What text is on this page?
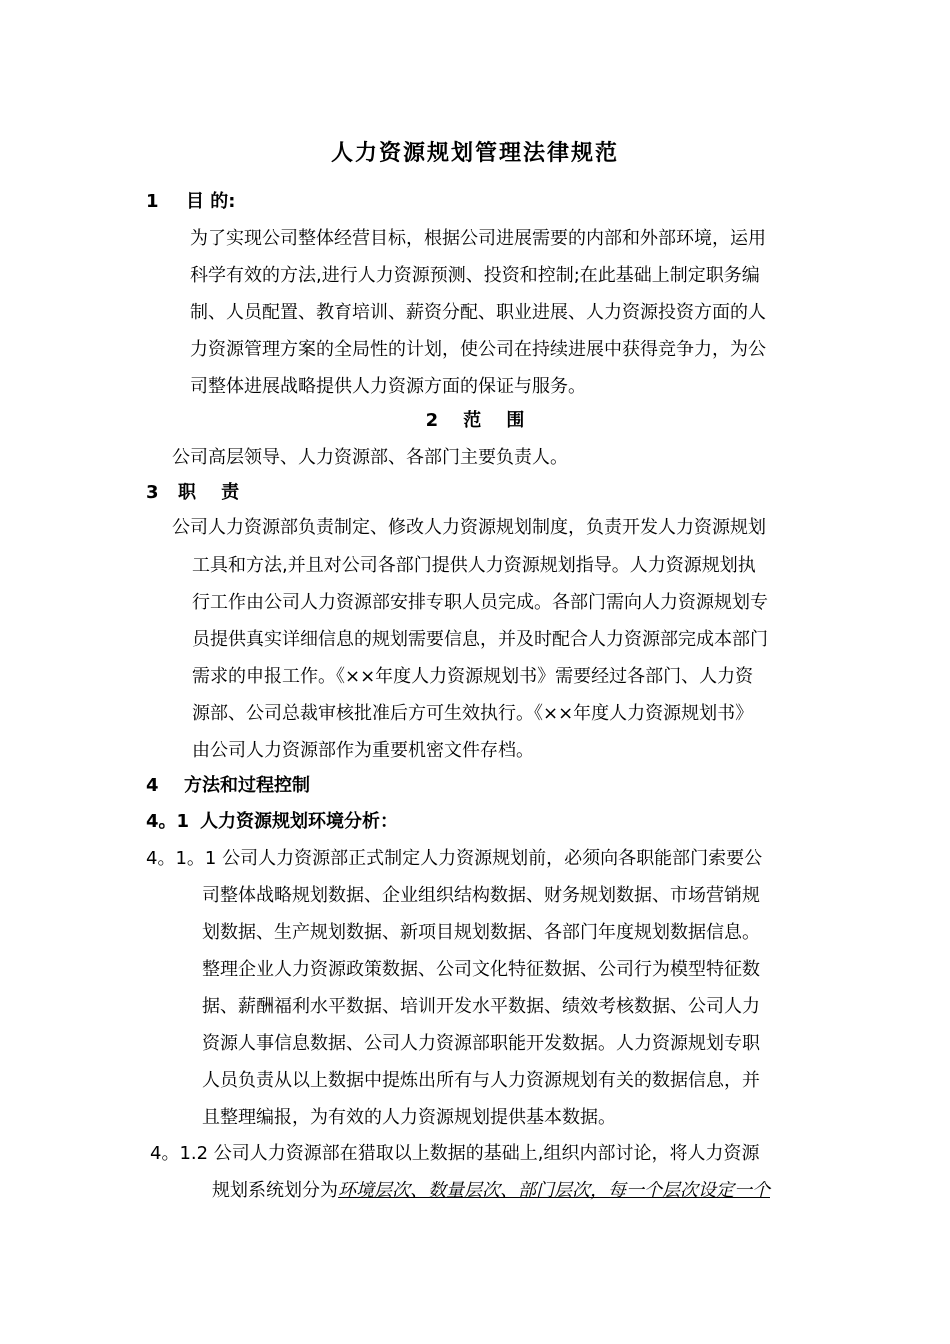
人力资源规划管理法律规范
1 目 的:
为了实现公司整体经营目标，根据公司进展需要的内部和外部环境，运用
科学有效的方法,进行人力资源预测、投资和控制;在此基础上制定职务编
制、人员配置、教育培训、薪资分配、职业进展、人力资源投资方面的人
力资源管理方案的全局性的计划，使公司在持续进展中获得竞争力，为公
司整体进展战略提供人力资源方面的保证与服务。
2    范    围
公司高层领导、人力资源部、各部门主要负责人。
3 职    责
公司人力资源部负责制定、修改人力资源规划制度，负责开发人力资源规划
工具和方法,并且对公司各部门提供人力资源规划指导。人力资源规划执
行工作由公司人力资源部安排专职人员完成。各部门需向人力资源规划专
员提供真实详细信息的规划需要信息，并及时配合人力资源部完成本部门
需求的申报工作。《××年度人力资源规划书》需要经过各部门、人力资
源部、公司总裁审核批准后方可生效执行。《××年度人力资源规划书》
由公司人力资源部作为重要机密文件存档。
4 方法和过程控制
4。1 人力资源规划环境分析：
4。1。1 公司人力资源部正式制定人力资源规划前，必须向各职能部门索要公
司整体战略规划数据、企业组织结构数据、财务规划数据、市场营销规
划数据、生产规划数据、新项目规划数据、各部门年度规划数据信息。
整理企业人力资源政策数据、公司文化特征数据、公司行为模型特征数
据、薪酬福利水平数据、培训开发水平数据、绩效考核数据、公司人力
资源人事信息数据、公司人力资源部职能开发数据。人力资源规划专职
人员负责从以上数据中提炼出所有与人力资源规划有关的数据信息，并
且整理编报，为有效的人力资源规划提供基本数据。
4。1.2 公司人力资源部在猎取以上数据的基础上,组织内部讨论，将人力资源
规划系统划分为环境层次、数量层次、部门层次，每一个层次设定一个
